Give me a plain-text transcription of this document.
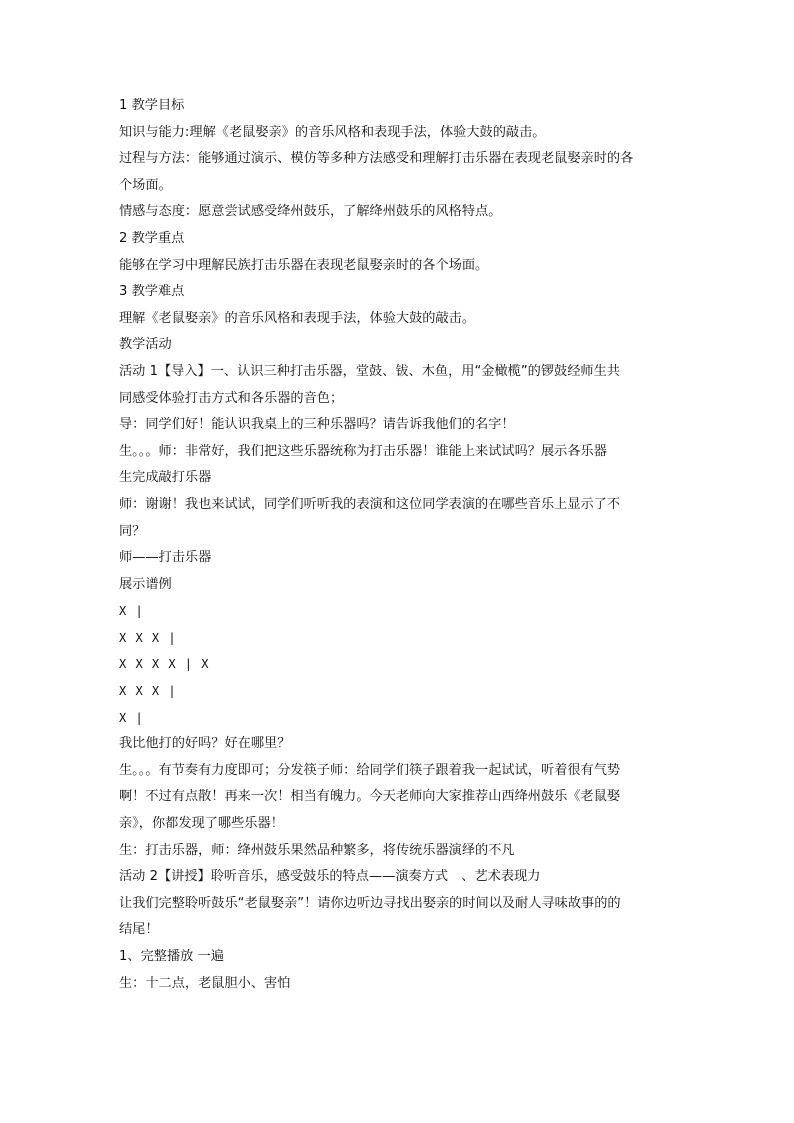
1 教学目标
知识与能力:理解《老鼠娶亲》的音乐风格和表现手法，体验大鼓的敲击。
过程与方法：能够通过演示、模仿等多种方法感受和理解打击乐器在表现老鼠娶亲时的各
个场面。
情感与态度：愿意尝试感受绛州鼓乐，了解绛州鼓乐的风格特点。
2 教学重点
能够在学习中理解民族打击乐器在表现老鼠娶亲时的各个场面。
3 教学难点
理解《老鼠娶亲》的音乐风格和表现手法，体验大鼓的敲击。
教学活动
活动 1【导入】一、认识三种打击乐器，堂鼓、钹、木鱼，用“金橄榄”的锣鼓经师生共
同感受体验打击方式和各乐器的音色；
导：同学们好！能认识我桌上的三种乐器吗？请告诉我他们的名字！
生。。。师：非常好，我们把这些乐器统称为打击乐器！谁能上来试试吗？展示各乐器
生完成敲打乐器
师：谢谢！我也来试试，同学们听听我的表演和这位同学表演的在哪些音乐上显示了不
同？
师——打击乐器
展示谱例
X |
X X X |
X X X X | X
X X X |
X |
我比他打的好吗？好在哪里？
生。。。有节奏有力度即可；分发筷子师：给同学们筷子跟着我一起试试，听着很有气势
啊！不过有点散！再来一次！相当有魄力。今天老师向大家推荐山西绛州鼓乐《老鼠娶
亲》，你都发现了哪些乐器！
生：打击乐器，师：绛州鼓乐果然品种繁多，将传统乐器演绎的不凡
活动 2【讲授】聆听音乐，感受鼓乐的特点——演奏方式　、艺术表现力
让我们完整聆听鼓乐“老鼠娶亲”！请你边听边寻找出娶亲的时间以及耐人寻味故事的的
结尾！
1、完整播放 一遍
生：十二点，老鼠胆小、害怕
